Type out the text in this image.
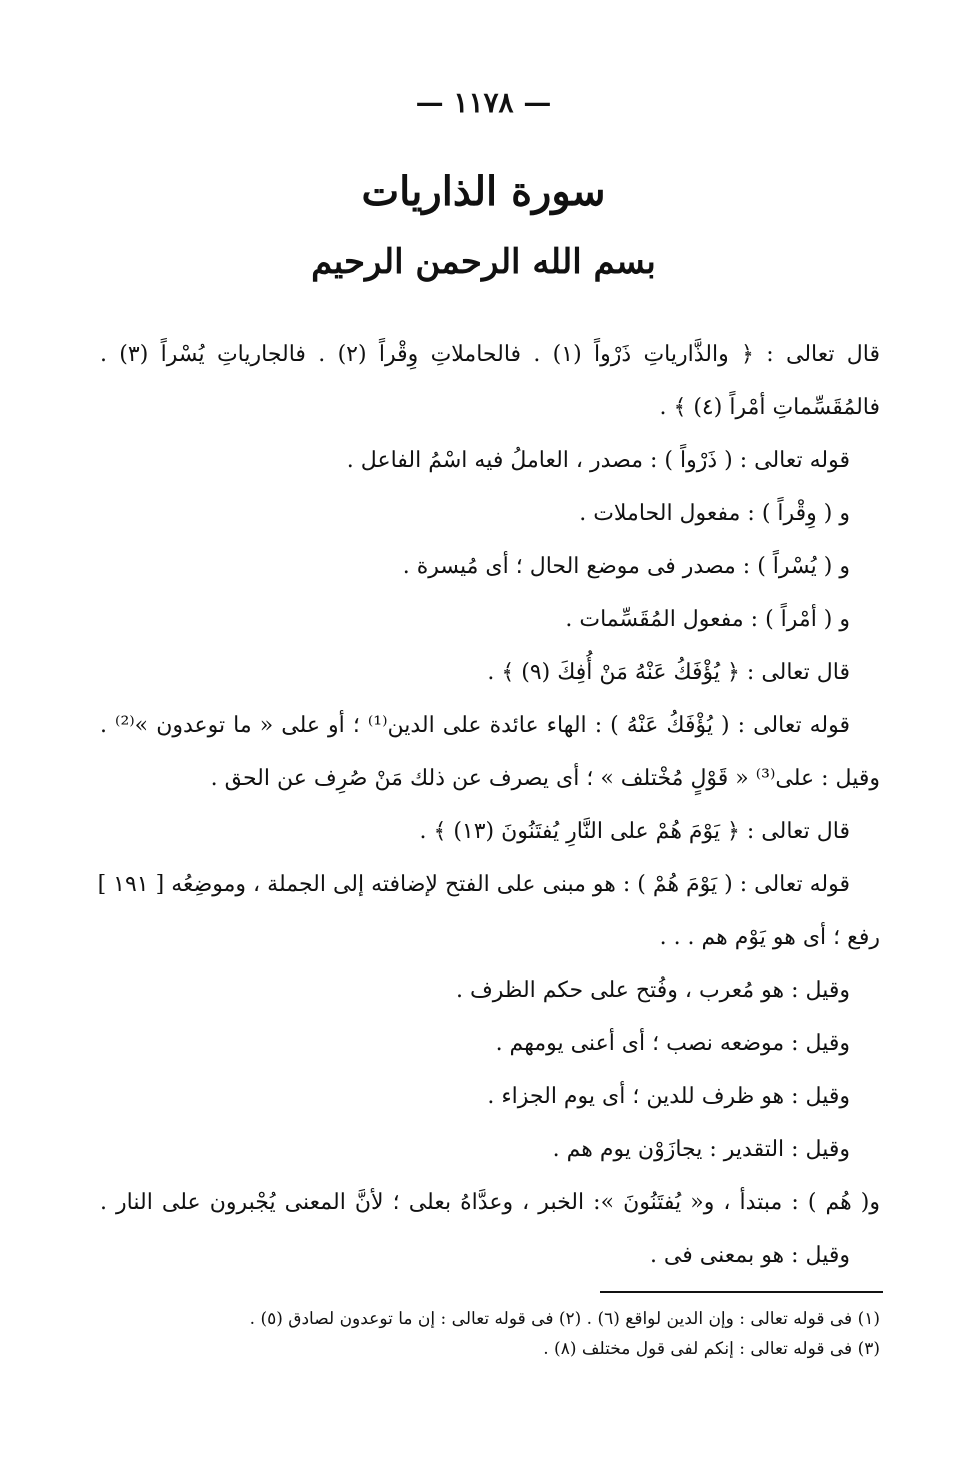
— ١١٧٨ —
سورة الذاريات
بسم الله الرحمن الرحيم
قال تعالى : ﴿ والذَّارياتِ ذَرْواً (١) . فالحاملاتِ وِقْراً (٢) . فالجارياتِ يُسْراً (٣) .
فالمُقَسِّماتِ أمْراً (٤) ﴾ .
قوله تعالى : ( ذَرْواً ) : مصدر ، العاملُ فيه اسْمُ الفاعل .
و ( وِقْراً ) : مفعول الحاملات .
و ( يُسْراً ) : مصدر فى موضع الحال ؛ أى مُيسرة .
و ( أمْراً ) : مفعول المُقَسِّمات .
قال تعالى : ﴿ يُؤْفَكُ عَنْهُ مَنْ أُفِكَ (٩) ﴾ .
قوله تعالى : ( يُؤْفَكُ عَنْهُ ) : الهاء عائدة على الدين⁽¹⁾ ؛ أو على « ما توعدون »⁽²⁾ .
وقيل : على⁽³⁾ « قَوْلٍ مُخْتلف » ؛ أى يصرف عن ذلك مَنْ صُرِف عن الحق .
قال تعالى : ﴿ يَوْمَ هُمْ على النَّارِ يُفتَنُونَ (١٣) ﴾ .
قوله تعالى : ( يَوْمَ هُمْ ) : هو مبنى على الفتح لإضافته إلى الجملة ، وموضِعُه [ ١٩١ ]
رفع ؛ أى هو يَوْم هم . . .
وقيل : هو مُعرب ، وفُتح على حكم الظرف .
وقيل : موضعه نصب ؛ أى أعنى يومهم .
وقيل : هو ظرف للدين ؛ أى يوم الجزاء .
وقيل : التقدير : يجازَوْن يوم هم .
و( هُم ) : مبتدأ ، و« يُفتَنُونَ »: الخبر ، وعدَّاهُ بعلى ؛ لأنَّ المعنى يُجْبرون على النار .
وقيل : هو بمعنى فى .
(١) فى قوله تعالى : وإن الدين لواقع (٦) . (٢) فى قوله تعالى : إن ما توعدون لصادق (٥) .
(٣) فى قوله تعالى : إنكم لفى قول مختلف (٨) .
